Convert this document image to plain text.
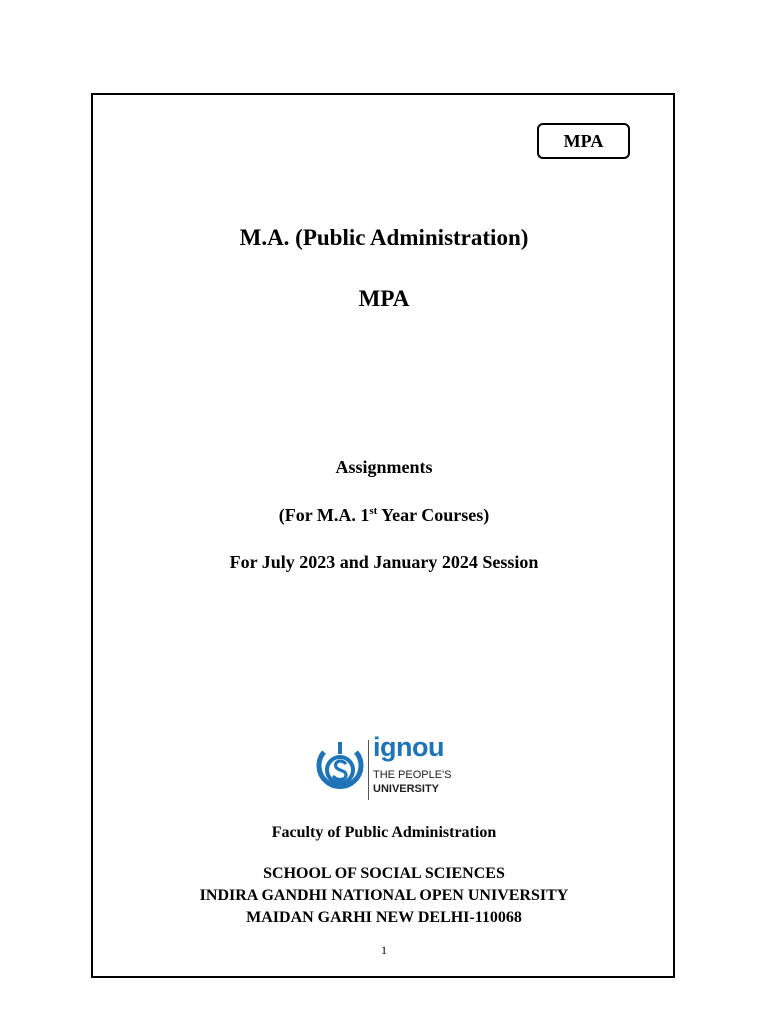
MPA
M.A. (Public Administration)
MPA
Assignments
(For M.A. 1st Year Courses)
For July 2023 and January 2024 Session
ignou
THE PEOPLE'S
UNIVERSITY
Faculty of Public Administration
SCHOOL OF SOCIAL SCIENCES
INDIRA GANDHI NATIONAL OPEN UNIVERSITY
MAIDAN GARHI NEW DELHI-110068
1
